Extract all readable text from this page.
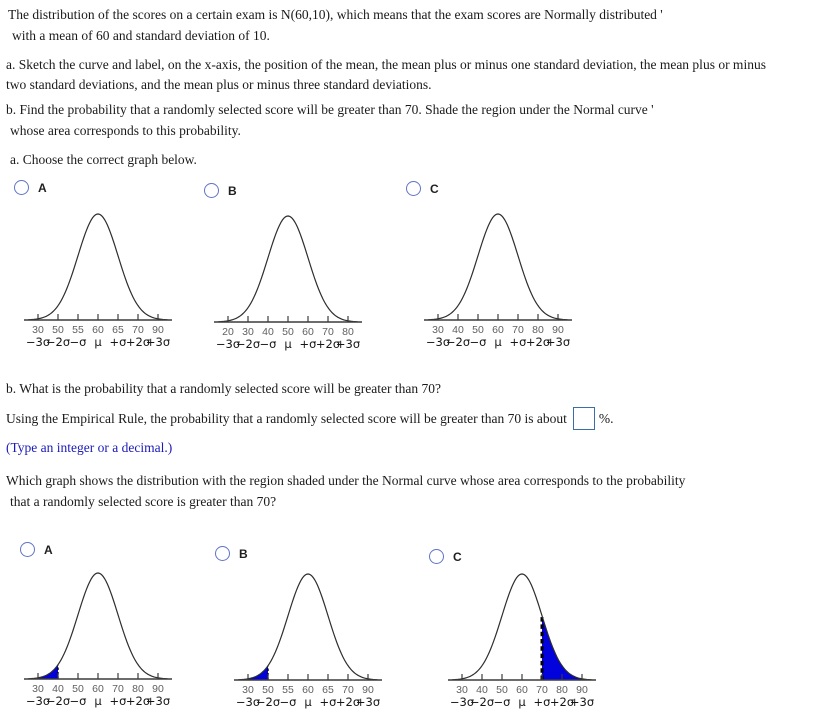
The distribution of the scores on a certain exam is N(60,10), which means that the exam scores are Normally distributed '
with a mean of 60 and standard deviation of 10.
a. Sketch the curve and label, on the x-axis, the position of the mean, the mean plus or minus one standard deviation, the mean plus or minus
two standard deviations, and the mean plus or minus three standard deviations.
b. Find the probability that a randomly selected score will be greater than 70. Shade the region under the Normal curve '
whose area corresponds to this probability.
a. Choose the correct graph below.
A	B	C
30
−3σ
50
−2σ
55
−σ
60
μ
65
+σ
70
+2σ
90
+3σ
20
−3σ
30
−2σ
40
−σ
50
μ
60
+σ
70
+2σ
80
+3σ
30
−3σ
40
−2σ
50
−σ
60
μ
70
+σ
80
+2σ
90
+3σ
b. What is the probability that a randomly selected score will be greater than 70?
Using the Empirical Rule, the probability that a randomly selected score will be greater than 70 is about %.
(Type an integer or a decimal.)
Which graph shows the distribution with the region shaded under the Normal curve whose area corresponds to the probability
that a randomly selected score is greater than 70?
A	B	C
30
−3σ
40
−2σ
50
−σ
60
μ
70
+σ
80
+2σ
90
+3σ
30
−3σ
50
−2σ
55
−σ
60
μ
65
+σ
70
+2σ
90
+3σ
30
−3σ
40
−2σ
50
−σ
60
μ
70
+σ
80
+2σ
90
+3σ
